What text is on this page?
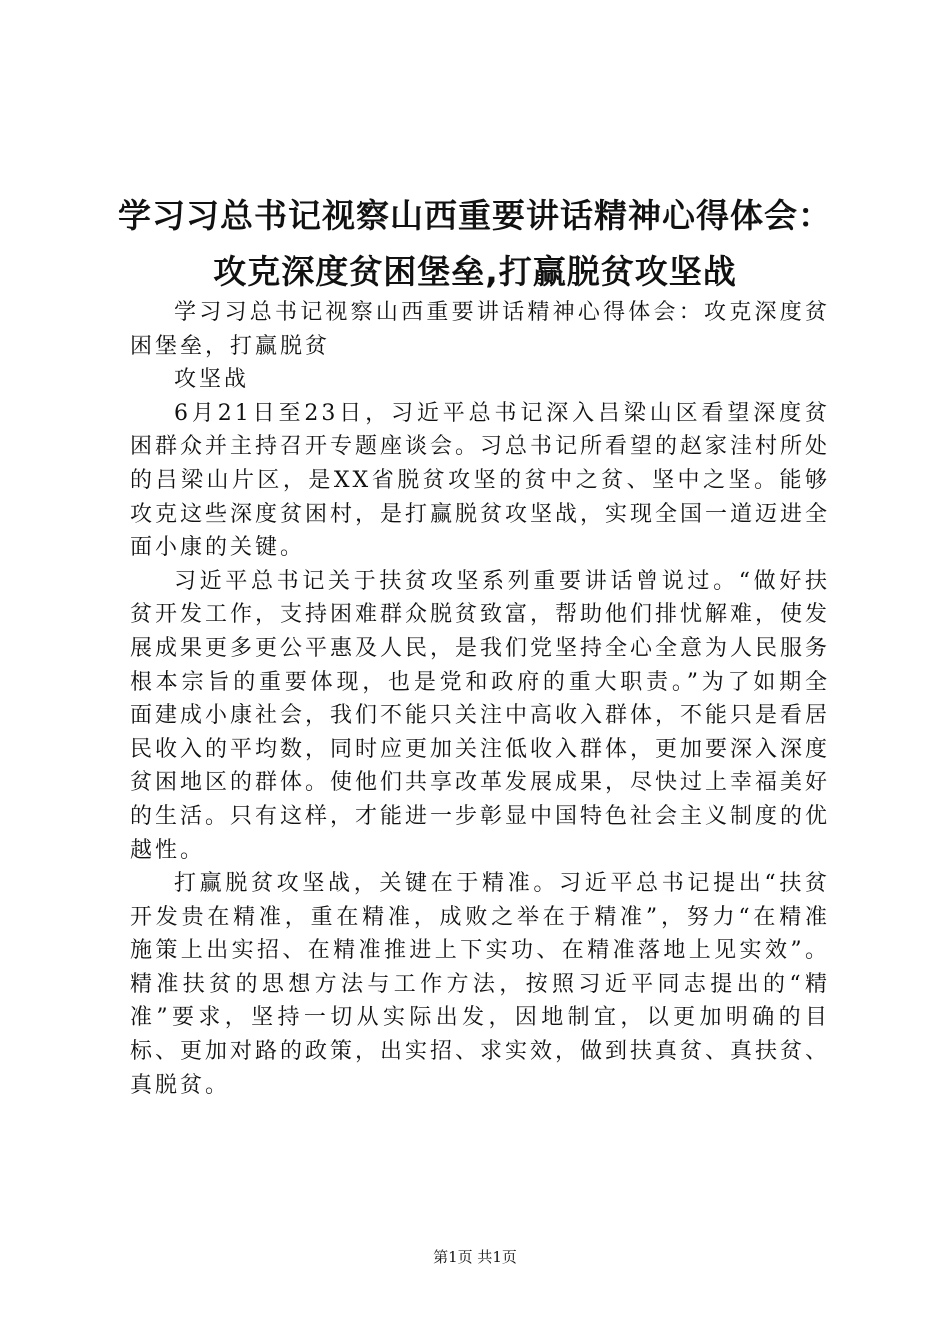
学习习总书记视察山西重要讲话精神心得体会：
攻克深度贫困堡垒,打赢脱贫攻坚战

学习习总书记视察山西重要讲话精神心得体会：攻克深度贫困堡垒，打赢脱贫

攻坚战

6月21日至23日，习近平总书记深入吕梁山区看望深度贫困群众并主持召开专题座谈会。习总书记所看望的赵家洼村所处的吕梁山片区，是XX省脱贫攻坚的贫中之贫、坚中之坚。能够攻克这些深度贫困村，是打赢脱贫攻坚战，实现全国一道迈进全面小康的关键。

习近平总书记关于扶贫攻坚系列重要讲话曾说过。“做好扶贫开发工作，支持困难群众脱贫致富，帮助他们排忧解难，使发展成果更多更公平惠及人民，是我们党坚持全心全意为人民服务根本宗旨的重要体现，也是党和政府的重大职责。”为了如期全面建成小康社会，我们不能只关注中高收入群体，不能只是看居民收入的平均数，同时应更加关注低收入群体，更加要深入深度贫困地区的群体。使他们共享改革发展成果，尽快过上幸福美好的生活。只有这样，才能进一步彰显中国特色社会主义制度的优越性。

打赢脱贫攻坚战，关键在于精准。习近平总书记提出“扶贫开发贵在精准，重在精准，成败之举在于精准”，努力“在精准施策上出实招、在精准推进上下实功、在精准落地上见实效”。精准扶贫的思想方法与工作方法，按照习近平同志提出的“精准”要求，坚持一切从实际出发，因地制宜，以更加明确的目标、更加对路的政策，出实招、求实效，做到扶真贫、真扶贫、真脱贫。

第1页 共1页
